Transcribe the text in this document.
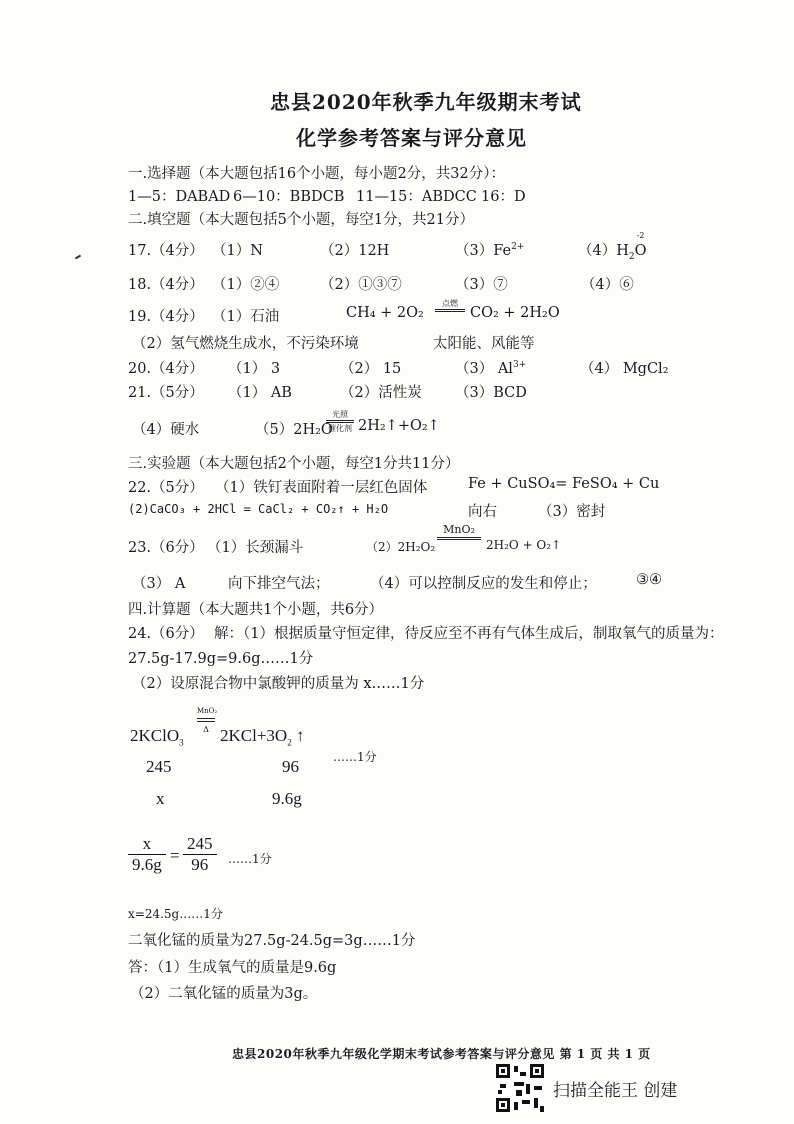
忠县2020年秋季九年级期末考试
化学参考答案与评分意见
一.选择题（本大题包括16个小题，每小题2分，共32分）：
1—5：DABAD 6—10：BBDCB 11—15：ABDCC 16：D
二.填空题（本大题包括5个小题，每空1分，共21分）
17.（4分） （1）N	（2）12H	$(3)Fe^{2+}$	$(4)H_2$
-2
O
18.（4分） （1）②④	（2）①③⑦	（3）⑦	（4）⑥
19.（4分） （1）石油	CH₄ + 2O₂
点燃
CO₂ + 2H₂O
（2）氢气燃烧生成水，不污染环境	太阳能、风能等
20.（4分） （1） 3	（2） 15	（3） $Al^{3+}$	（4） MgCl₂
21.（5分） （1） AB	（2）活性炭 （3）BCD
（4）硬水	（5）2H₂O
光照
催化剂 2H₂↑+O₂↑
三.实验题（本大题包括2个小题，每空1分共11分）
22.（5分） （1）铁钉表面附着一层红色固体	Fe + CuSO₄= FeSO₄ + Cu
(2)CaCO₃ + 2HCl = CaCl₂ + CO₂↑ + H₂O	向右	（3）密封
23.（6分） （1）长颈漏斗	（2）2H₂O₂
MnO₂
2H₂O + O₂↑
（3） A	向下排空气法；	（4）可以控制反应的发生和停止；	③④
四.计算题（本大题共1个小题，共6分）
24.（6分） 解：（1）根据质量守恒定律，待反应至不再有气体生成后，制取氧气的质量为：
27.5g-17.9g=9.6g……1分
（2）设原混合物中氯酸钾的质量为 x……1分
2KClO$_3$
MnO₂
Δ $2KCl+3O_2$ ↑
……1分
245	96
x	9.6g
x
9.6g =
245
96	……1分
x=24.5g……1分
二氧化锰的质量为27.5g-24.5g=3g……1分
答：（1）生成氧气的质量是9.6g
（2）二氧化锰的质量为3g。
忠县2020年秋季九年级化学期末考试参考答案与评分意见 第 1 页 共 1 页
扫描全能王 创建
